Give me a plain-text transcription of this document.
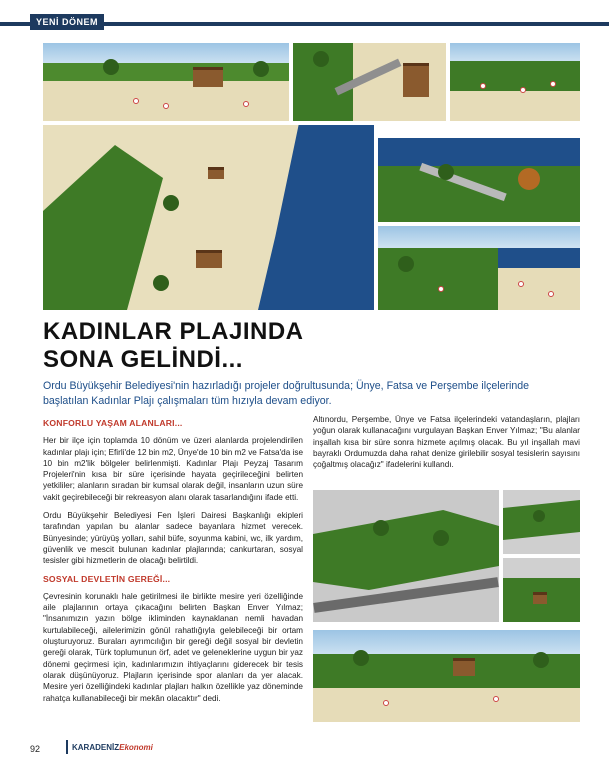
YENİ DÖNEM
KADINLAR PLAJINDA
SONA GELİNDİ...
Ordu Büyükşehir Belediyesi'nin hazırladığı projeler doğrultusunda; Ünye, Fatsa ve Perşembe ilçelerinde başlatılan Kadınlar Plajı çalışmaları tüm hızıyla devam ediyor.
KONFORLU YAŞAM ALANLARI...

Her bir ilçe için toplamda 10 dönüm ve üzeri alanlarda projelendirilen kadınlar plajı için; Efirli'de 12 bin m2, Ünye'de 10 bin m2 ve Fatsa'da ise 10 bin m2'lik bölgeler belirlenmişti. Kadınlar Plajı Peyzaj Tasarım Projeleri'nin kısa bir süre içerisinde hayata geçirileceğini belirten yetkililer; alanların sıradan bir kumsal olarak değil, insanların uzun süre vakit geçirebileceği bir rekreasyon alanı olarak tasarlandığını ifade etti.

Ordu Büyükşehir Belediyesi Fen İşleri Dairesi Başkanlığı ekipleri tarafından yapılan bu alanlar sadece bayanlara hizmet verecek. Bünyesinde; yürüyüş yolları, sahil büfe, soyunma kabini, wc, ilk yardım, güvenlik ve mescit bulunan kadınlar plajlarında; cankurtaran, sosyal tesisler gibi hizmetlerin de olacağı belirtildi.

SOSYAL DEVLETİN GEREĞİ...

Çevresinin korunaklı hale getirilmesi ile birlikte mesire yeri özelliğinde aile plajlarının ortaya çıkacağını belirten Başkan Enver Yılmaz; "İnsanımızın yazın bölge ikliminden kaynaklanan nemli havadan kurtulabileceği, ailelerimizin gönül rahatlığıyla gelebileceği bir ortam oluşturuyoruz. Buraları ayrımcılığın bir gereği değil sosyal bir devletin gereği olarak, Türk toplumunun örf, adet ve geleneklerine uygun bir yaz dönemi geçirmesi için, kadınlarımızın ihtiyaçlarını giderecek bir tesis olarak düşünüyoruz. Plajların içerisinde spor alanları da yer alacak. Mesire yeri özelliğindeki kadınlar plajları halkın özellikle yaz döneminde rahatça kullanabileceği bir mekân olacaktır" dedi.

Altınordu, Perşembe, Ünye ve Fatsa ilçelerindeki vatandaşların, plajları yoğun olarak kullanacağını vurgulayan Başkan Enver Yılmaz; "Bu alanlar inşallah kısa bir süre sonra hizmete açılmış olacak. Bu yıl inşallah mavi bayraklı Ordumuzda daha rahat denize girilebilir sosyal tesislerin sayısını çoğaltmış olacağız" ifadelerini kullandı.

92	KARADENİZEkonomi
